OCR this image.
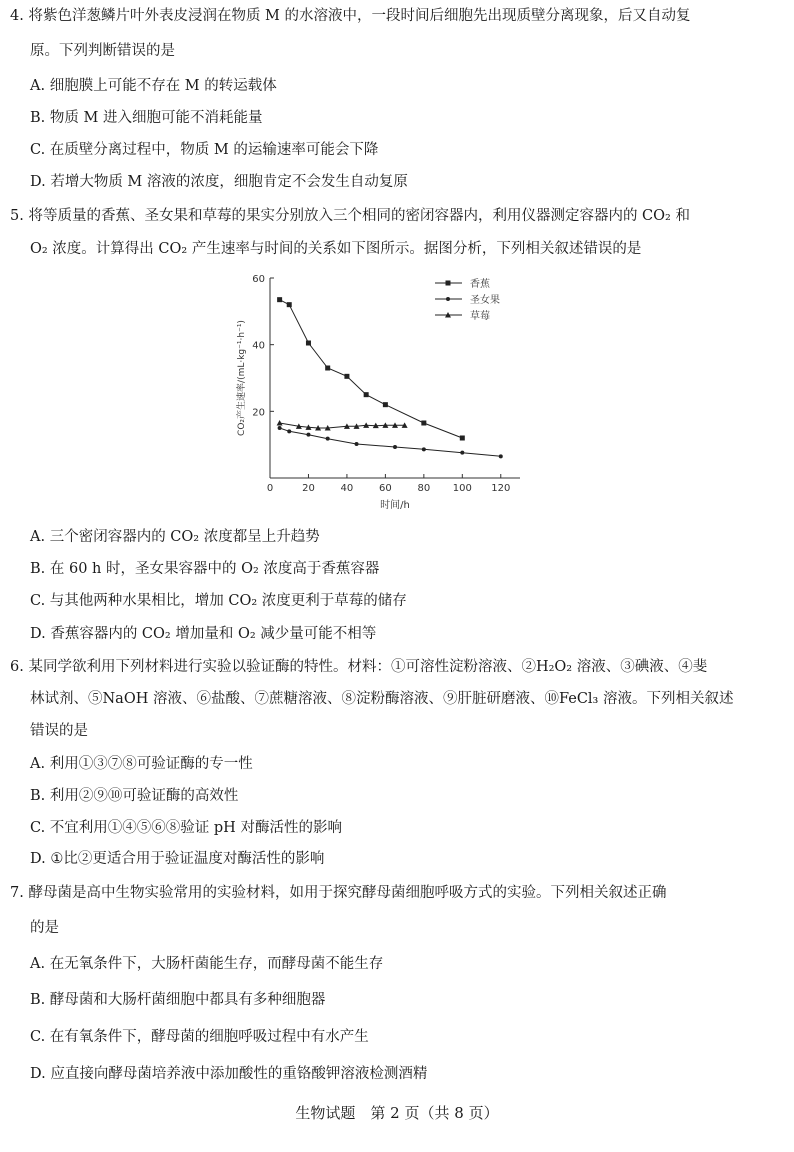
4. 将紫色洋葱鳞片叶外表皮浸润在物质 M 的水溶液中，一段时间后细胞先出现质壁分离现象，后又自动复
原。下列判断错误的是
A. 细胞膜上可能不存在 M 的转运载体
B. 物质 M 进入细胞可能不消耗能量
C. 在质壁分离过程中，物质 M 的运输速率可能会下降
D. 若增大物质 M 溶液的浓度，细胞肯定不会发生自动复原
5. 将等质量的香蕉、圣女果和草莓的果实分别放入三个相同的密闭容器内，利用仪器测定容器内的 CO₂ 和
O₂ 浓度。计算得出 CO₂ 产生速率与时间的关系如下图所示。据图分析，下列相关叙述错误的是
0	20	40	60	80 100 120
20
40
60
时间/h
CO₂产生速率/(mL·kg⁻¹·h⁻¹)
香蕉
圣女果
草莓
A. 三个密闭容器内的 CO₂ 浓度都呈上升趋势
B. 在 60 h 时，圣女果容器中的 O₂ 浓度高于香蕉容器
C. 与其他两种水果相比，增加 CO₂ 浓度更利于草莓的储存
D. 香蕉容器内的 CO₂ 增加量和 O₂ 减少量可能不相等
6. 某同学欲利用下列材料进行实验以验证酶的特性。材料：①可溶性淀粉溶液、②H₂O₂ 溶液、③碘液、④斐
林试剂、⑤NaOH 溶液、⑥盐酸、⑦蔗糖溶液、⑧淀粉酶溶液、⑨肝脏研磨液、⑩FeCl₃ 溶液。下列相关叙述
错误的是
A. 利用①③⑦⑧可验证酶的专一性
B. 利用②⑨⑩可验证酶的高效性
C. 不宜利用①④⑤⑥⑧验证 pH 对酶活性的影响
D. ①比②更适合用于验证温度对酶活性的影响
7. 酵母菌是高中生物实验常用的实验材料，如用于探究酵母菌细胞呼吸方式的实验。下列相关叙述正确
的是
A. 在无氧条件下，大肠杆菌能生存，而酵母菌不能生存
B. 酵母菌和大肠杆菌细胞中都具有多种细胞器
C. 在有氧条件下，酵母菌的细胞呼吸过程中有水产生
D. 应直接向酵母菌培养液中添加酸性的重铬酸钾溶液检测酒精
生物试题　第 2 页（共 8 页）
